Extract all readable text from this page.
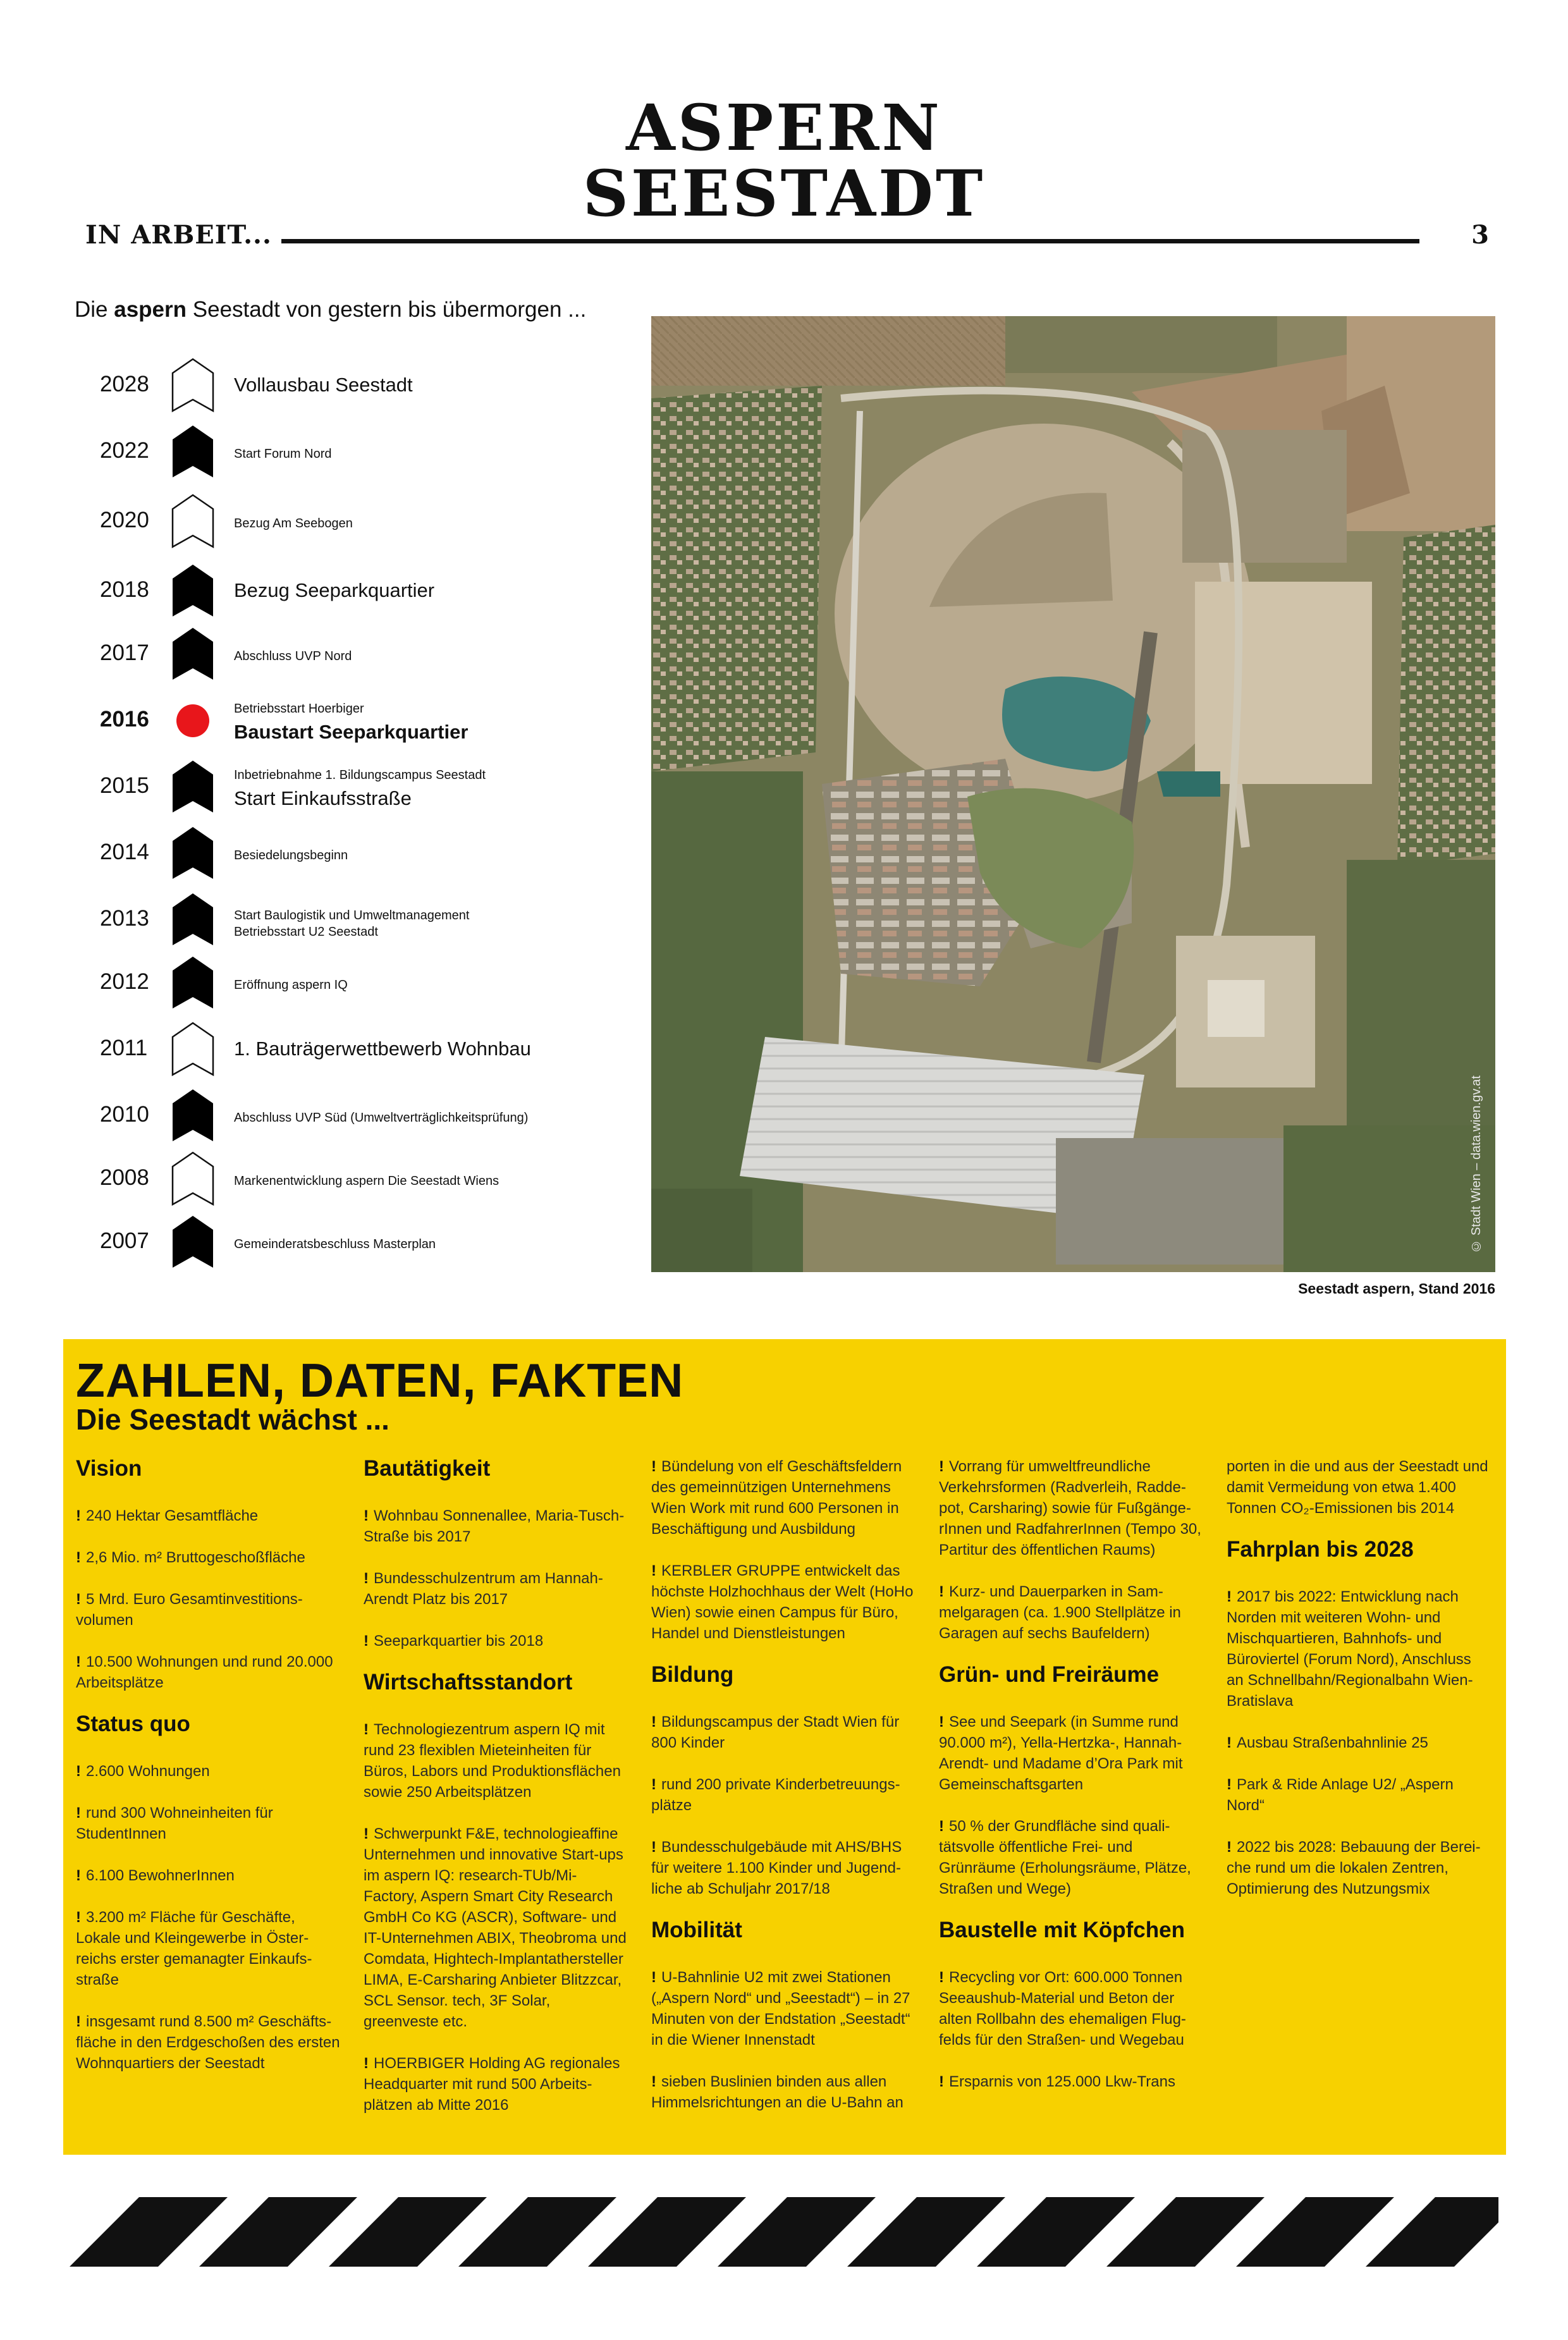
ASPERN
SEESTADT
IN ARBEIT...	3
Die aspern Seestadt von gestern bis übermorgen ...
2028	Vollausbau Seestadt
2022	Start Forum Nord
2020	Bezug Am Seebogen
2018	Bezug Seeparkquartier
2017	Abschluss UVP Nord
2016	Betriebsstart Hoerbiger
Baustart Seeparkquartier
2015	Inbetriebnahme 1. Bildungscampus Seestadt
Start Einkaufsstraße
2014	Besiedelungsbeginn
2013	Start Baulogistik und Umweltmanagement
Betriebsstart U2 Seestadt
2012	Eröffnung aspern IQ
2011	1. Bauträgerwettbewerb Wohnbau
2010	Abschluss UVP Süd (Umweltverträglichkeitsprüfung)
2008	Markenentwicklung aspern Die Seestadt Wiens
2007	Gemeinderatsbeschluss Masterplan	© Stadt Wien – data.wien.gv.at
Seestadt aspern, Stand 2016
ZAHLEN, DATEN, FAKTEN
Die Seestadt wächst ...
Vision

! 240 Hektar Gesamtfläche

! 2,6 Mio. m² Bruttogeschoßfläche

! 5 Mrd. Euro Gesamtinvestitionsvolumen

! 10.500 Wohnungen und rund 20.000 Arbeitsplätze

Status quo

! 2.600 Wohnungen

! rund 300 Wohneinheiten für StudentInnen

! 6.100 BewohnerInnen

! 3.200 m² Fläche für Geschäfte, Lokale und Kleingewerbe in Österreichs erster gemanagter Einkaufsstraße

! insgesamt rund 8.500 m² Geschäftsfläche in den Erdgeschoßen des ersten Wohnquartiers der Seestadt

Bautätigkeit

! Wohnbau Sonnenallee, Maria-Tusch-Straße bis 2017

! Bundesschulzentrum am Hannah-Arendt Platz bis 2017

! Seeparkquartier bis 2018

Wirtschaftsstandort

! Technologiezentrum aspern IQ mit rund 23 flexiblen Mieteinheiten für Büros, Labors und Produktionsflächen sowie 250 Arbeitsplätzen

! Schwerpunkt F&E, technologieaffine Unternehmen und innovative Start-ups im aspern IQ: research-TUb/Mi-Factory, Aspern Smart City Research GmbH Co KG (ASCR), Software- und IT-Unternehmen ABIX, Theobroma und Comdata, Hightech-Implantathersteller LIMA, E-Carsharing Anbieter Blitzzcar, SCL Sensor. tech, 3F Solar, greenveste etc.

! HOERBIGER Holding AG regionales Headquarter mit rund 500 Arbeitsplätzen ab Mitte 2016

! Bündelung von elf Geschäftsfeldern des gemeinnützigen Unternehmens Wien Work mit rund 600 Personen in Beschäftigung und Ausbildung

! KERBLER GRUPPE entwickelt das höchste Holzhochhaus der Welt (HoHo Wien) sowie einen Campus für Büro, Handel und Dienstleistungen

Bildung

! Bildungscampus der Stadt Wien für 800 Kinder

! rund 200 private Kinderbetreuungsplätze

! Bundesschulgebäude mit AHS/BHS für weitere 1.100 Kinder und Jugendliche ab Schuljahr 2017/18

Mobilität

! U-Bahnlinie U2 mit zwei Stationen („Aspern Nord“ und „Seestadt“) – in 27 Minuten von der Endstation „Seestadt“ in die Wiener Innenstadt

! sieben Buslinien binden aus allen Himmelsrichtungen an die U-Bahn an

! Vorrang für umweltfreundliche Verkehrsformen (Radverleih, Raddepot, Carsharing) sowie für FußgängerInnen und RadfahrerInnen (Tempo 30, Partitur des öffentlichen Raums)

! Kurz- und Dauerparken in Sammelgaragen (ca. 1.900 Stellplätze in Garagen auf sechs Baufeldern)

Grün- und Freiräume

! See und Seepark (in Summe rund 90.000 m²), Yella-Hertzka-, Hannah-Arendt- und Madame d’Ora Park mit Gemeinschaftsgarten

! 50 % der Grundfläche sind qualitätsvolle öffentliche Frei- und Grünräume (Erholungsräume, Plätze, Straßen und Wege)

Baustelle mit Köpfchen

! Recycling vor Ort: 600.000 Tonnen Seeaushub-Material und Beton der alten Rollbahn des ehemaligen Flugfelds für den Straßen- und Wegebau

! Ersparnis von 125.000 Lkw-Trans

porten in die und aus der Seestadt und damit Vermeidung von etwa 1.400 Tonnen CO₂-Emissionen bis 2014

Fahrplan bis 2028

! 2017 bis 2022: Entwicklung nach Norden mit weiteren Wohn- und Mischquartieren, Bahnhofs- und Büroviertel (Forum Nord), Anschluss an Schnellbahn/Regionalbahn Wien-Bratislava

! Ausbau Straßenbahnlinie 25

! Park & Ride Anlage U2/ „Aspern Nord“

! 2022 bis 2028: Bebauung der Bereiche rund um die lokalen Zentren, Optimierung des Nutzungsmix
